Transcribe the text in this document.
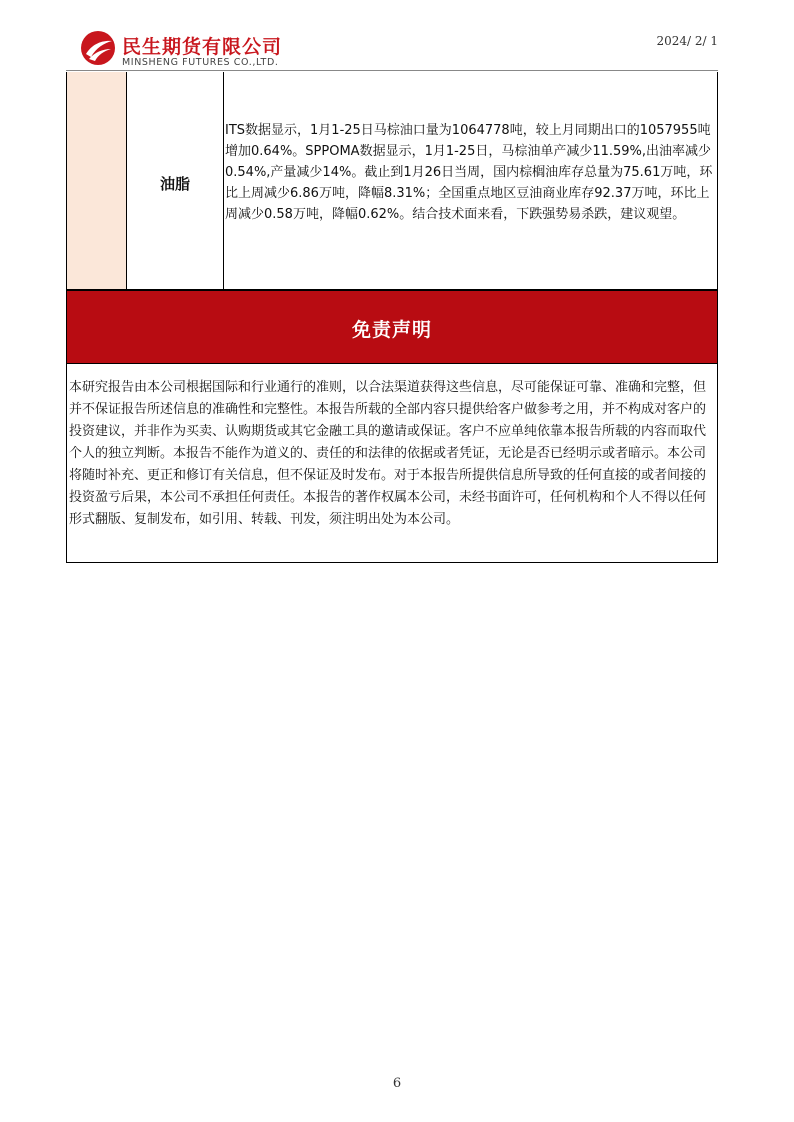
民生期货有限公司
MINSHENG FUTURES CO.,LTD.
2024/ 2/ 1
油脂
ITS数据显示，1月1-25日马棕油口量为1064778吨，较上月同期出口的1057955吨增加0.64%。SPPOMA数据显示，1月1-25日，马棕油单产减少11.59%,出油率减少0.54%,产量减少14%。截止到1月26日当周，国内棕榈油库存总量为75.61万吨，环比上周减少6.86万吨，降幅8.31%；全国重点地区豆油商业库存92.37万吨，环比上周减少0.58万吨，降幅0.62%。结合技术面来看，下跌强势易杀跌，建议观望。
免责声明

本研究报告由本公司根据国际和行业通行的准则，以合法渠道获得这些信息，尽可能保证可靠、准确和完整，但并不保证报告所述信息的准确性和完整性。本报告所载的全部内容只提供给客户做参考之用，并不构成对客户的投资建议，并非作为买卖、认购期货或其它金融工具的邀请或保证。客户不应单纯依靠本报告所载的内容而取代个人的独立判断。本报告不能作为道义的、责任的和法律的依据或者凭证，无论是否已经明示或者暗示。本公司将随时补充、更正和修订有关信息，但不保证及时发布。对于本报告所提供信息所导致的任何直接的或者间接的投资盈亏后果，本公司不承担任何责任。本报告的著作权属本公司，未经书面许可，任何机构和个人不得以任何形式翻版、复制发布，如引用、转载、刊发，须注明出处为本公司。

6
